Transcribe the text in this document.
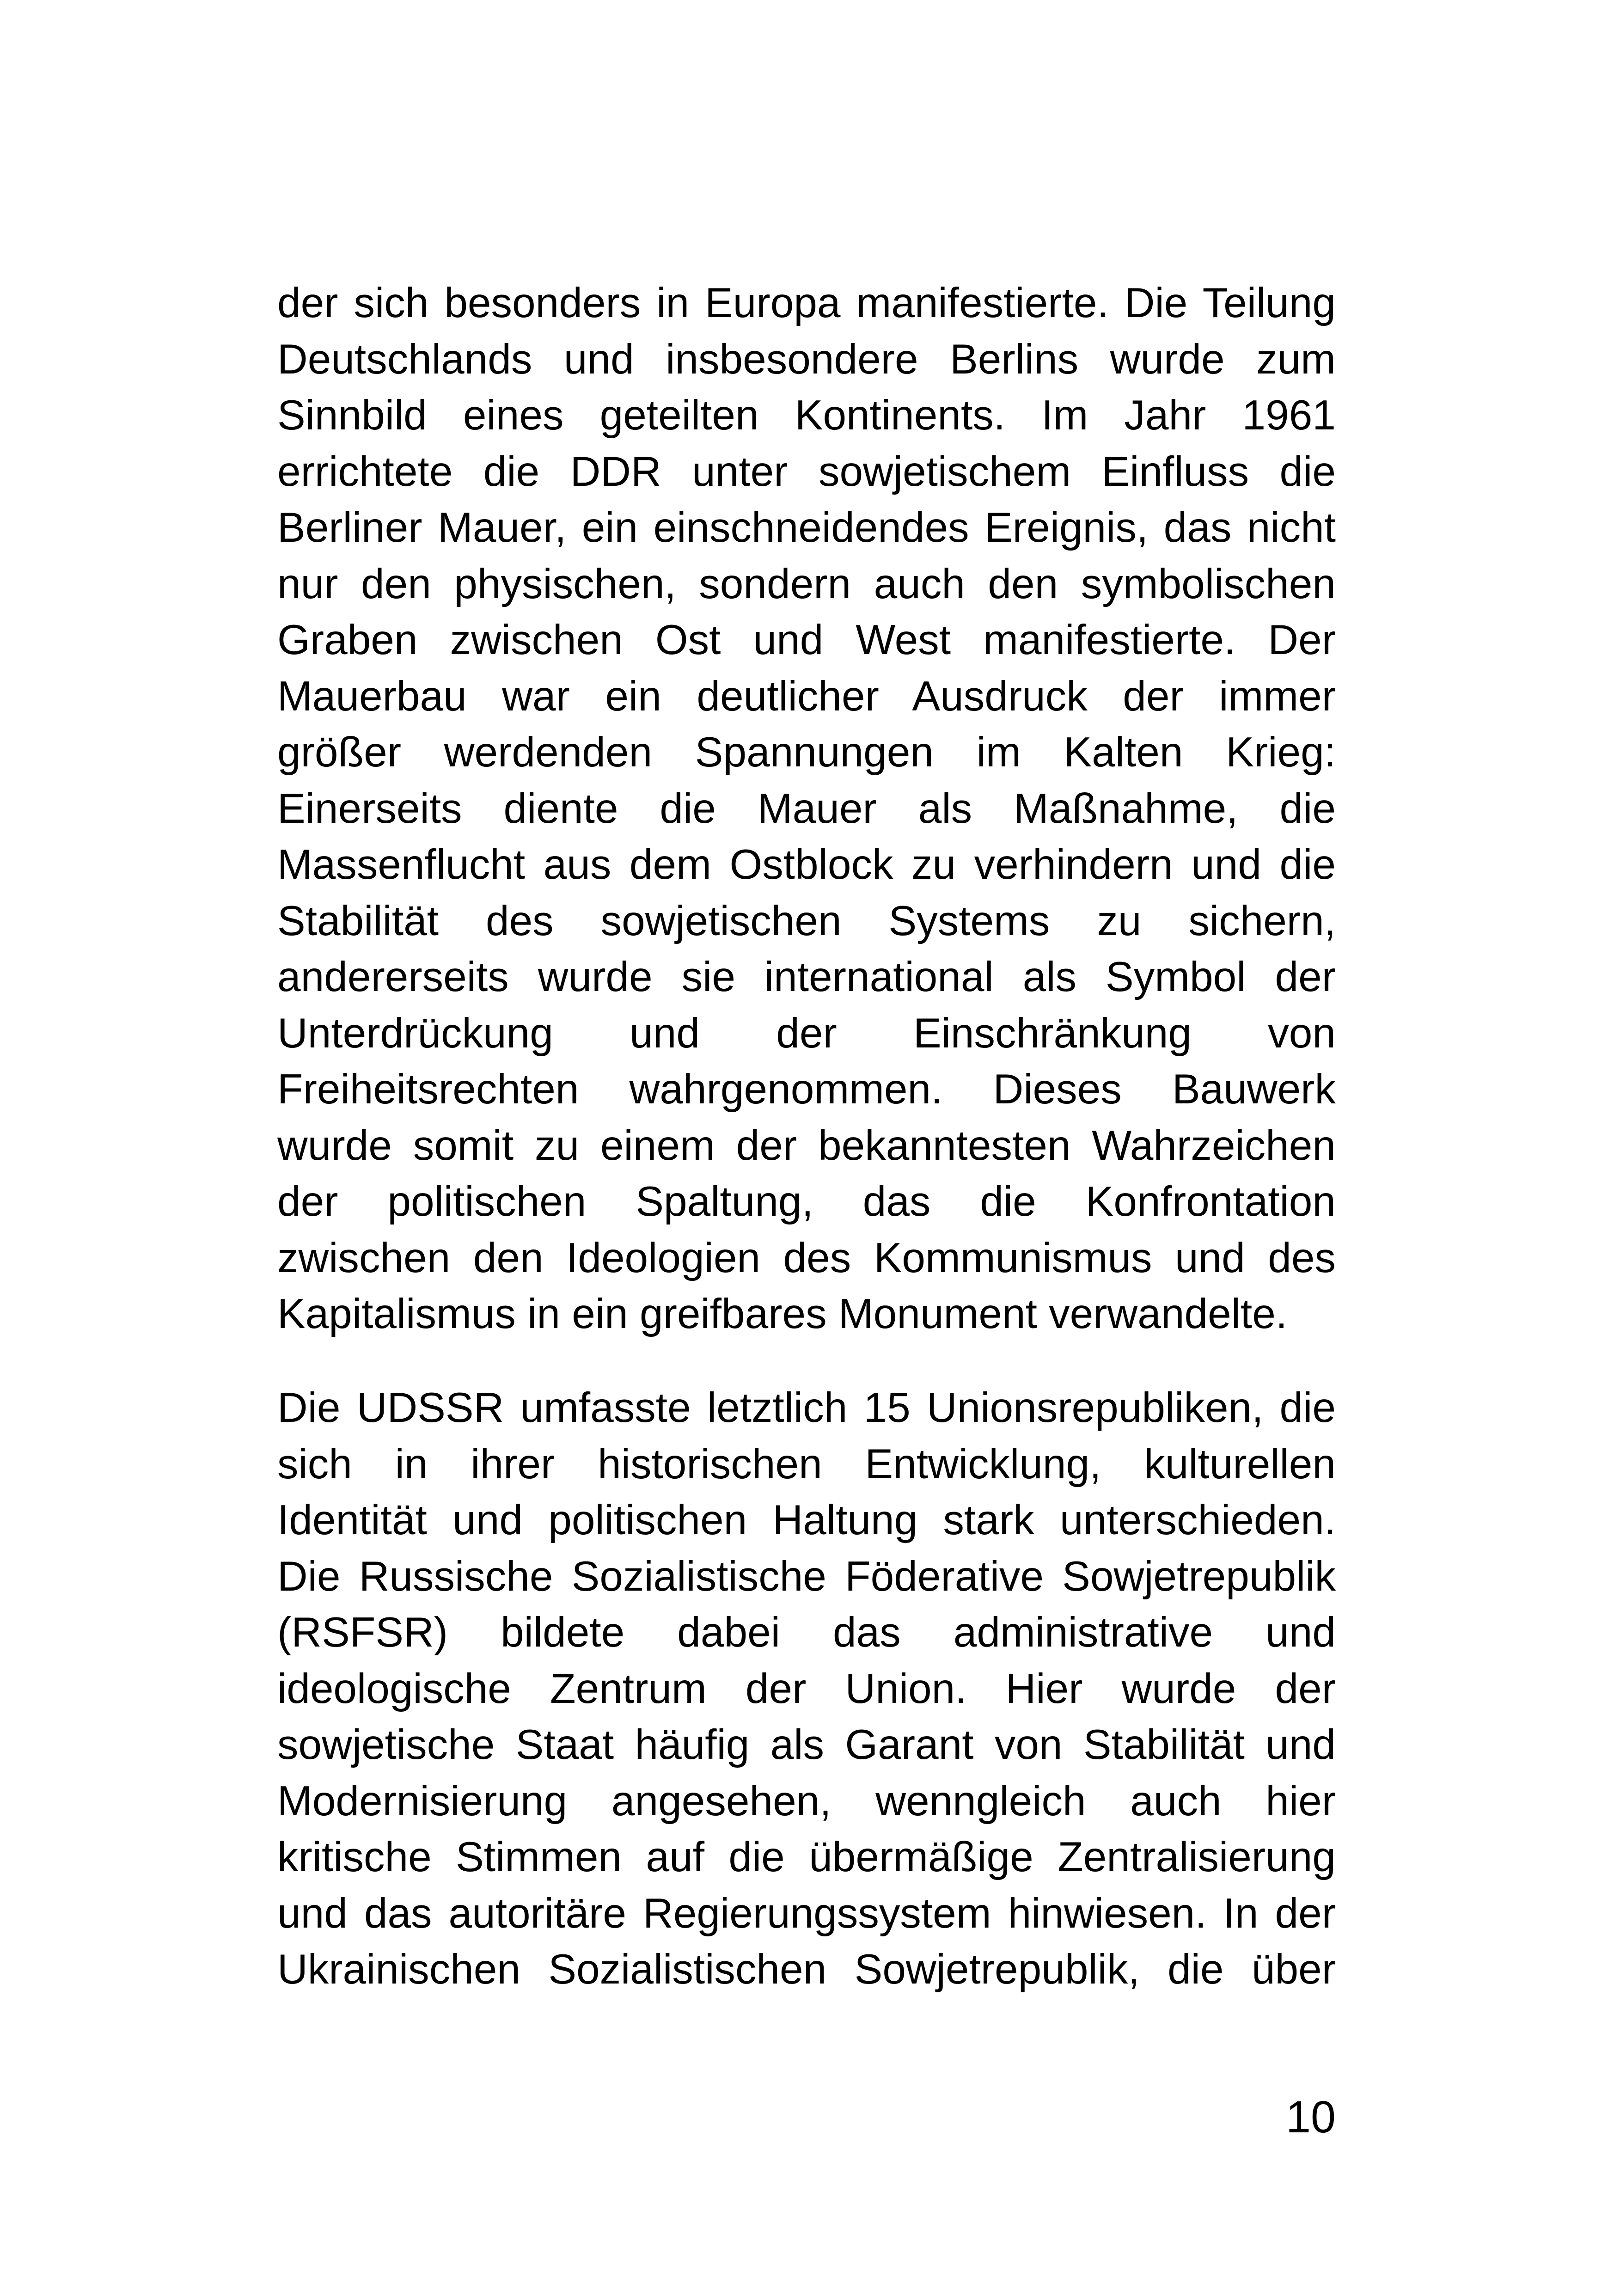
der sich besonders in Europa manifestierte. Die Teilung
Deutschlands und insbesondere Berlins wurde zum
Sinnbild eines geteilten Kontinents. Im Jahr 1961
errichtete die DDR unter sowjetischem Einfluss die
Berliner Mauer, ein einschneidendes Ereignis, das nicht
nur den physischen, sondern auch den symbolischen
Graben zwischen Ost und West manifestierte. Der
Mauerbau war ein deutlicher Ausdruck der immer
größer werdenden Spannungen im Kalten Krieg:
Einerseits diente die Mauer als Maßnahme, die
Massenflucht aus dem Ostblock zu verhindern und die
Stabilität des sowjetischen Systems zu sichern,
andererseits wurde sie international als Symbol der
Unterdrückung und der Einschränkung von
Freiheitsrechten wahrgenommen. Dieses Bauwerk
wurde somit zu einem der bekanntesten Wahrzeichen
der politischen Spaltung, das die Konfrontation
zwischen den Ideologien des Kommunismus und des
Kapitalismus in ein greifbares Monument verwandelte.
Die UDSSR umfasste letztlich 15 Unionsrepubliken, die
sich in ihrer historischen Entwicklung, kulturellen
Identität und politischen Haltung stark unterschieden.
Die Russische Sozialistische Föderative Sowjetrepublik
(RSFSR) bildete dabei das administrative und
ideologische Zentrum der Union. Hier wurde der
sowjetische Staat häufig als Garant von Stabilität und
Modernisierung angesehen, wenngleich auch hier
kritische Stimmen auf die übermäßige Zentralisierung
und das autoritäre Regierungssystem hinwiesen. In der
Ukrainischen Sozialistischen Sowjetrepublik, die über
10
